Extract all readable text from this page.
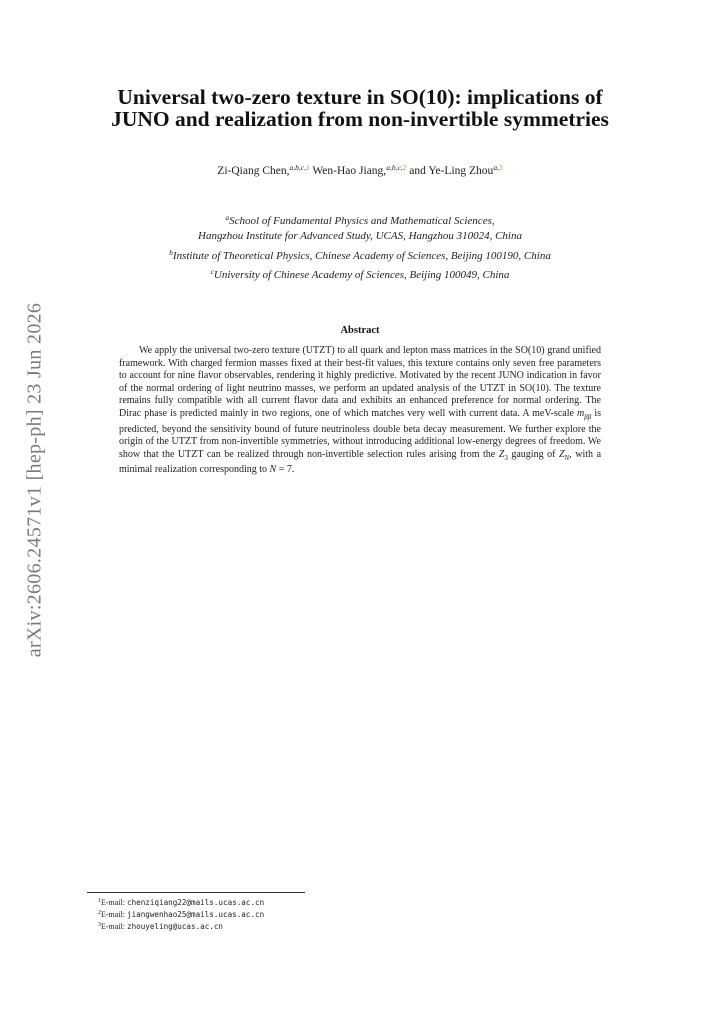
arXiv:2606.24571v1 [hep-ph] 23 Jun 2026
Universal two-zero texture in SO(10): implications of
JUNO and realization from non-invertible symmetries
Zi-Qiang Chen,$^{a,b,c,1}$ Wen-Hao Jiang,$^{a,b,c,2}$ and Ye-Ling Zhou$^{a,3}$
$^a$School of Fundamental Physics and Mathematical Sciences,
Hangzhou Institute for Advanced Study, UCAS, Hangzhou 310024, China
$^b$Institute of Theoretical Physics, Chinese Academy of Sciences, Beijing 100190, China
$^c$University of Chinese Academy of Sciences, Beijing 100049, China
Abstract

We apply the universal two-zero texture (UTZT) to all quark and lepton mass matrices in the SO(10) grand unified framework. With charged fermion masses fixed at their best-fit values, this texture contains only seven free parameters to account for nine flavor observables, rendering it highly predictive. Motivated by the recent JUNO indication in favor of the normal ordering of light neutrino masses, we perform an updated analysis of the UTZT in SO(10). The texture remains fully compatible with all current flavor data and exhibits an enhanced preference for normal ordering. The Dirac phase is predicted mainly in two regions, one of which matches very well with current data. A meV-scale $m_{\beta\beta}$ is predicted, beyond the sensitivity bound of future neutrinoless double beta decay measurement. We further explore the origin of the UTZT from non-invertible symmetries, without introducing additional low-energy degrees of freedom. We show that the UTZT can be realized through non-invertible selection rules arising from the $Z_3$ gauging of $Z_N$, with a minimal realization corresponding to N = 7.

$^1$E-mail: chenziqiang22@mails.ucas.ac.cn
$^2$E-mail: jiangwenhao25@mails.ucas.ac.cn
$^3$E-mail: zhouyeling@ucas.ac.cn
